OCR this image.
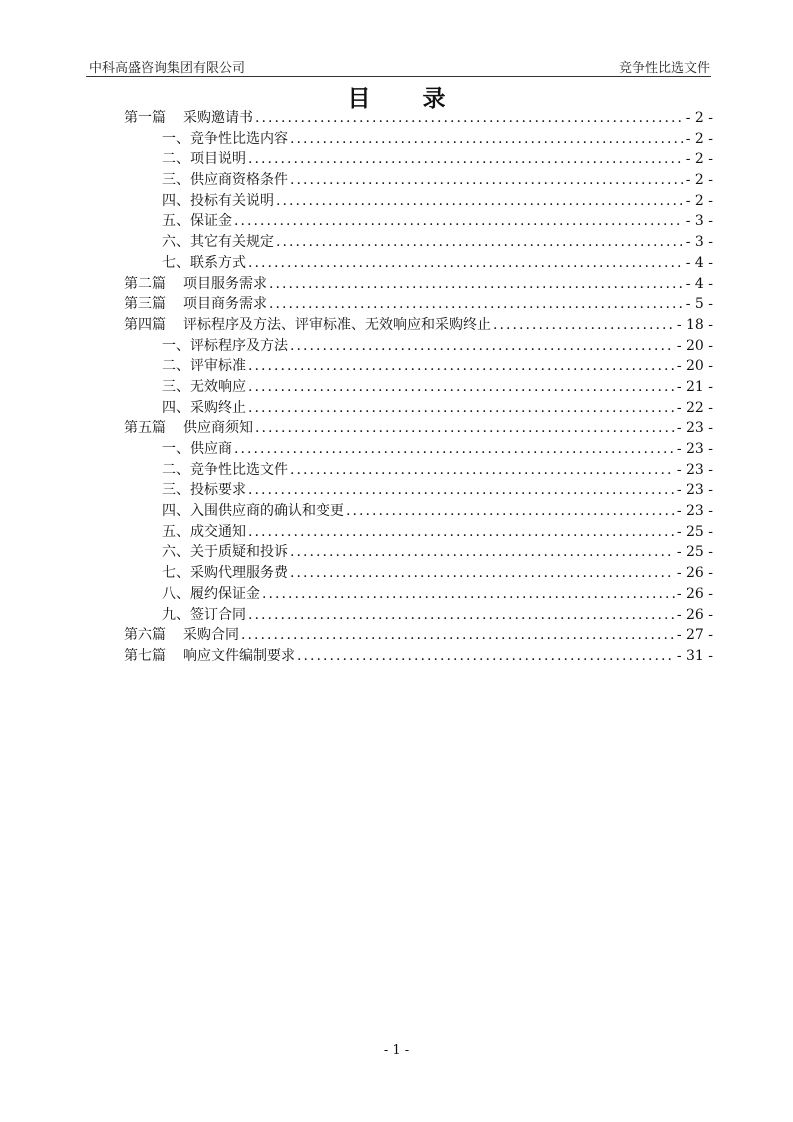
中科高盛咨询集团有限公司	竞争性比选文件
目 录
第一篇 采购邀请书 . . .	- 2 -
一、竞争性比选内容 . . .	- 2 -
二、项目说明 . . .	- 2 -
三、供应商资格条件 . . .	- 2 -
四、投标有关说明 . . .	- 2 -
五、保证金 . . .	- 3 -
六、其它有关规定 . . .	- 3 -
七、联系方式 . . .	- 4 -
第二篇 项目服务需求 . . .	- 4 -
第三篇 项目商务需求 . . .	- 5 -
第四篇 评标程序及方法、评审标准、无效响应和采购终止 . . .	- 18 -
一、评标程序及方法 . . .	- 20 -
二、评审标准 . . .	- 20 -
三、无效响应 . . .	- 21 -
四、采购终止 . . .	- 22 -
第五篇 供应商须知 . . .	- 23 -
一、供应商 . . .	- 23 -
二、竞争性比选文件 . . .	- 23 -
三、投标要求 . . .	- 23 -
四、入围供应商的确认和变更 . . .	- 23 -
五、成交通知 . . .	- 25 -
六、关于质疑和投诉 . . .	- 25 -
七、采购代理服务费 . . .	- 26 -
八、履约保证金 . . .	- 26 -
九、签订合同 . . .	- 26 -
第六篇 采购合同 . . .	- 27 -
第七篇 响应文件编制要求 . . .	- 31 -
- 1 -
